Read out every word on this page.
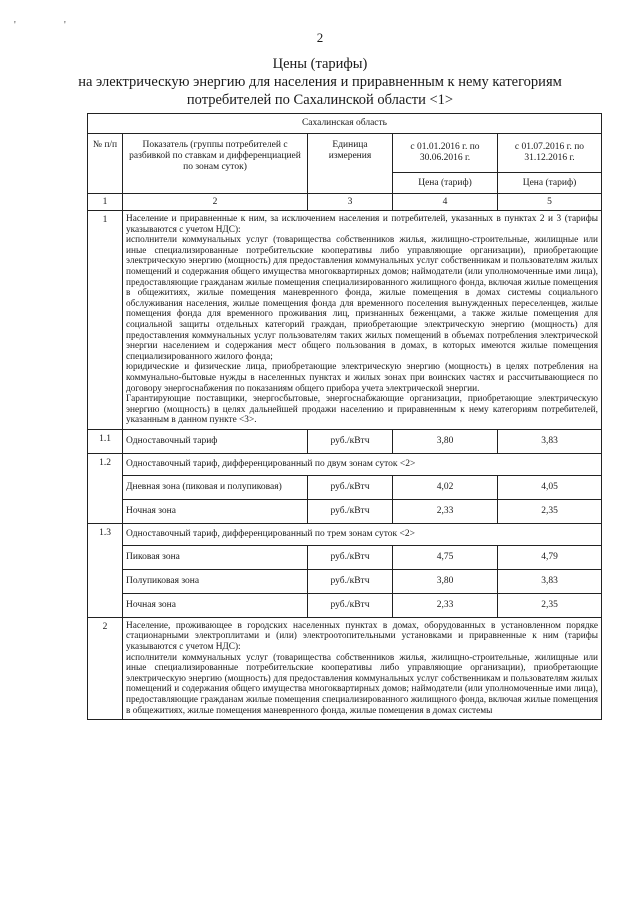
'	'
2
Цены (тарифы)
на электрическую энергию для населения и приравненным к нему категориям
потребителей по Сахалинской области <1>
Сахалинская область				
№ п/п	Показатель (группы потребителей с разбивкой по ставкам и дифференциацией по зонам суток)	Единица измерения	с 01.01.2016 г. по 30.06.2016 г.	с 01.07.2016 г. по 31.12.2016 г.
			Цена (тариф)	Цена (тариф)
1	2	3	4	5
1	Население и приравненные к ним, за исключением населения и потребителей, указанных в пунктах 2 и 3 (тарифы указываются с учетом НДС):

исполнители коммунальных услуг (товарищества собственников жилья, жилищно-строительные, жилищные или иные специализированные потребительские кооперативы либо управляющие организации), приобретающие электрическую энергию (мощность) для предоставления коммунальных услуг собственникам и пользователям жилых помещений и содержания общего имущества многоквартирных домов; наймодатели (или уполномоченные ими лица), предоставляющие гражданам жилые помещения специализированного жилищного фонда, включая жилые помещения в общежитиях, жилые помещения маневренного фонда, жилые помещения в домах системы социального обслуживания населения, жилые помещения фонда для временного поселения вынужденных переселенцев, жилые помещения фонда для временного проживания лиц, признанных беженцами, а также жилые помещения для социальной защиты отдельных категорий граждан, приобретающие электрическую энергию (мощность) для предоставления коммунальных услуг пользователям таких жилых помещений в объемах потребления электрической энергии населением и содержания мест общего пользования в домах, в которых имеются жилые помещения специализированного жилого фонда;

юридические и физические лица, приобретающие электрическую энергию (мощность) в целях потребления на коммунально-бытовые нужды в населенных пунктах и жилых зонах при воинских частях и рассчитывающиеся по договору энергоснабжения по показаниям общего прибора учета электрической энергии.

Гарантирующие поставщики, энергосбытовые, энергоснабжающие организации, приобретающие электрическую энергию (мощность) в целях дальнейшей продажи населению и приравненным к нему категориям потребителей, указанным в данном пункте <3>.			

1.1	Одноставочный тариф	руб./кВтч	3,80	3,83
1.2	Одноставочный тариф, дифференцированный по двум зонам суток <2>			
	Дневная зона (пиковая и полупиковая)	руб./кВтч	4,02	4,05
	Ночная зона	руб./кВтч	2,33	2,35
1.3	Одноставочный тариф, дифференцированный по трем зонам суток <2>			
	Пиковая зона	руб./кВтч	4,75	4,79
	Полупиковая зона	руб./кВтч	3,80	3,83
	Ночная зона	руб./кВтч	2,33	2,35
2	Население, проживающее в городских населенных пунктах в домах, оборудованных в установленном порядке стационарными электроплитами и (или) электроотопительными установками и приравненные к ним (тарифы указываются с учетом НДС):

исполнители коммунальных услуг (товарищества собственников жилья, жилищно-строительные, жилищные или иные специализированные потребительские кооперативы либо управляющие организации), приобретающие электрическую энергию (мощность) для предоставления коммунальных услуг собственникам и пользователям жилых помещений и содержания общего имущества многоквартирных домов; наймодатели (или уполномоченные ими лица), предоставляющие гражданам жилые помещения специализированного жилищного фонда, включая жилые помещения в общежитиях, жилые помещения маневренного фонда, жилые помещения в домах системы			
